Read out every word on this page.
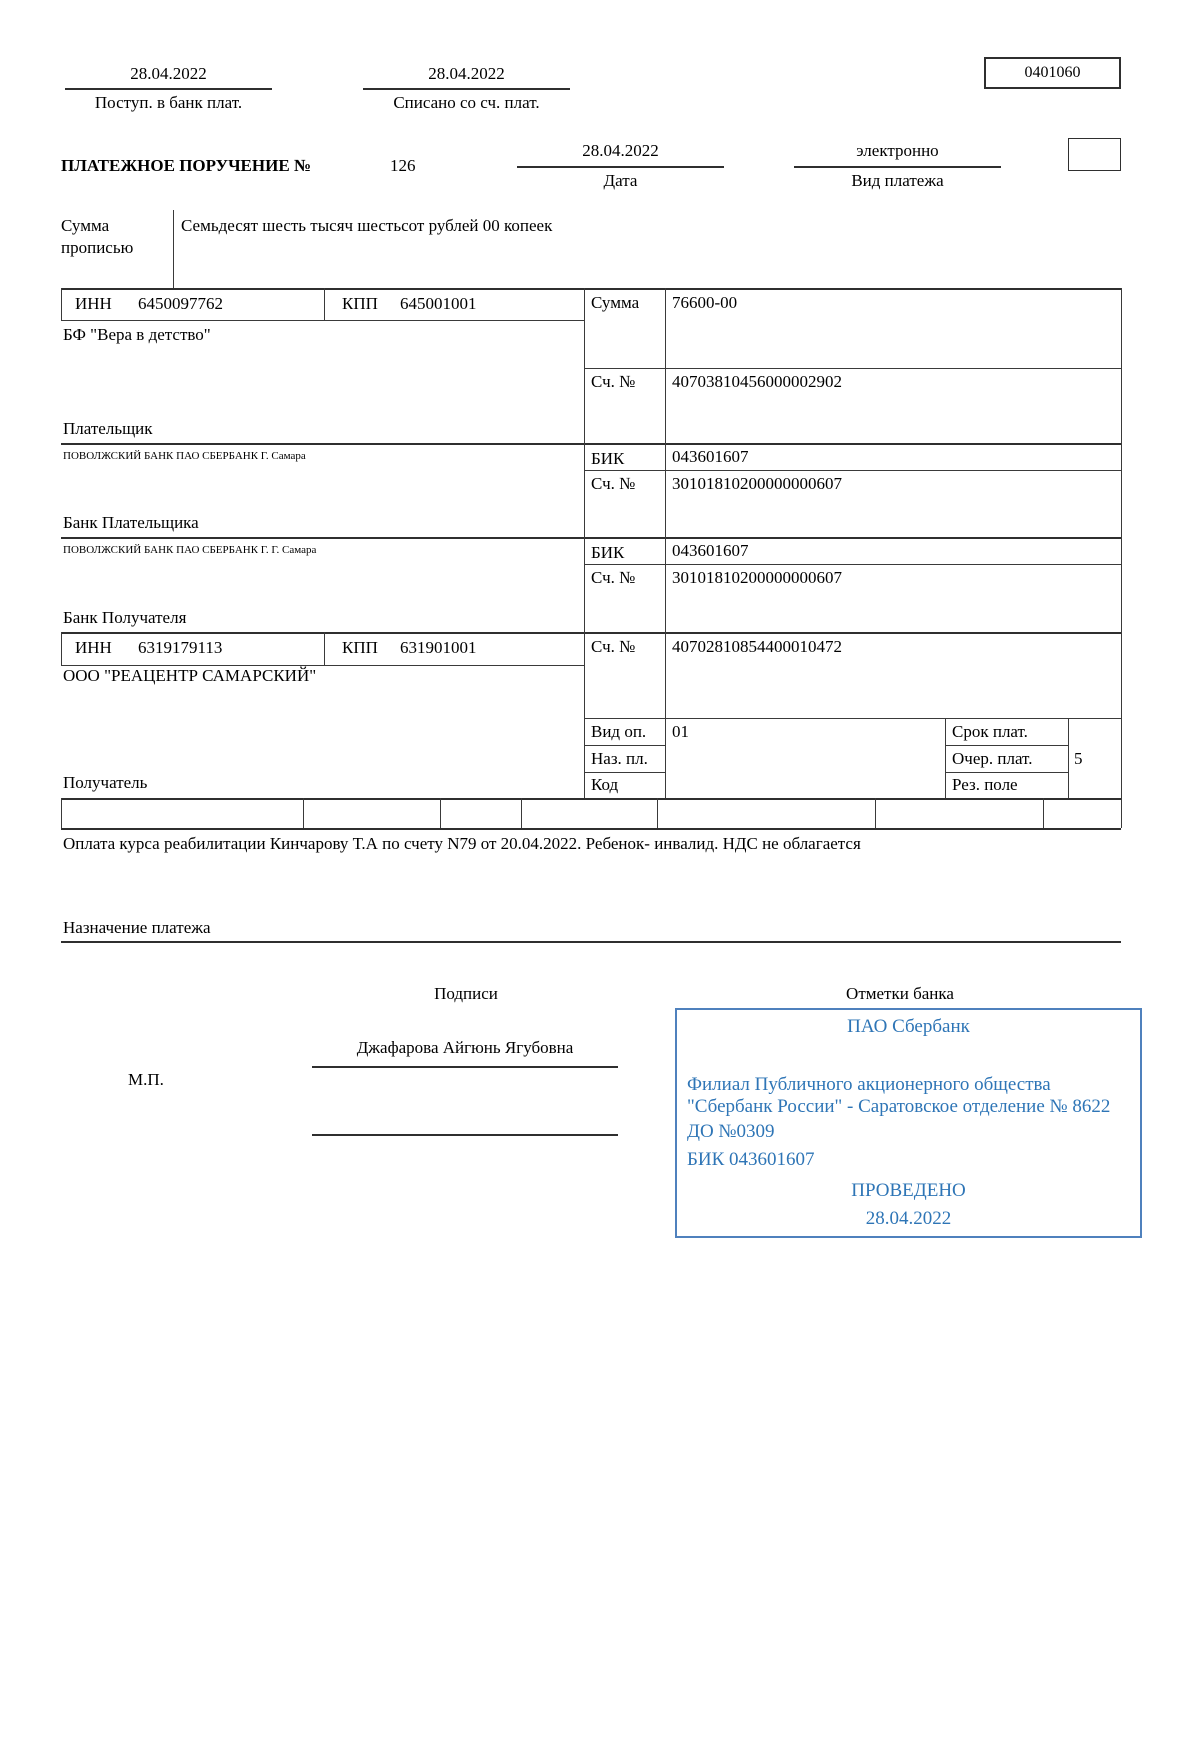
28.04.2022
Поступ. в банк плат.
28.04.2022
Списано со сч. плат.
0401060
ПЛАТЕЖНОЕ ПОРУЧЕНИЕ №	126
28.04.2022
Дата
электронно
Вид платежа
Сумма
прописью
Семьдесят шесть тысяч шестьсот рублей 00 копеек
ИНН 6450097762	КПП 645001001	Сумма 76600-00
БФ "Вера в детство"
Сч. № 40703810456000002902
Плательщик
ПОВОЛЖСКИЙ БАНК ПАО СБЕРБАНК Г. Самара	БИК	043601607
Сч. № 30101810200000000607
Банк Плательщика
ПОВОЛЖСКИЙ БАНК ПАО СБЕРБАНК Г. Г. Самара	БИК	043601607
Сч. № 30101810200000000607
Банк Получателя
ИНН 6319179113	КПП 631901001	Сч. № 40702810854400010472
ООО "РЕАЦЕНТР САМАРСКИЙ"
Получатель
Вид оп. 01	Срок плат.
Наз. пл.	Очер. плат. 5
Код	Рез. поле
Оплата курса реабилитации Кинчарову Т.А по счету N79 от 20.04.2022. Ребенок- инвалид. НДС не облагается
Назначение платежа
Подписи	Отметки банка
Джафарова Айгюнь Ягубовна
М.П.
ПАО Сбербанк
Филиал Публичного акционерного общества "Сбербанк России" - Саратовское отделение № 8622
ДО №0309
БИК 043601607
ПРОВЕДЕНО
28.04.2022
